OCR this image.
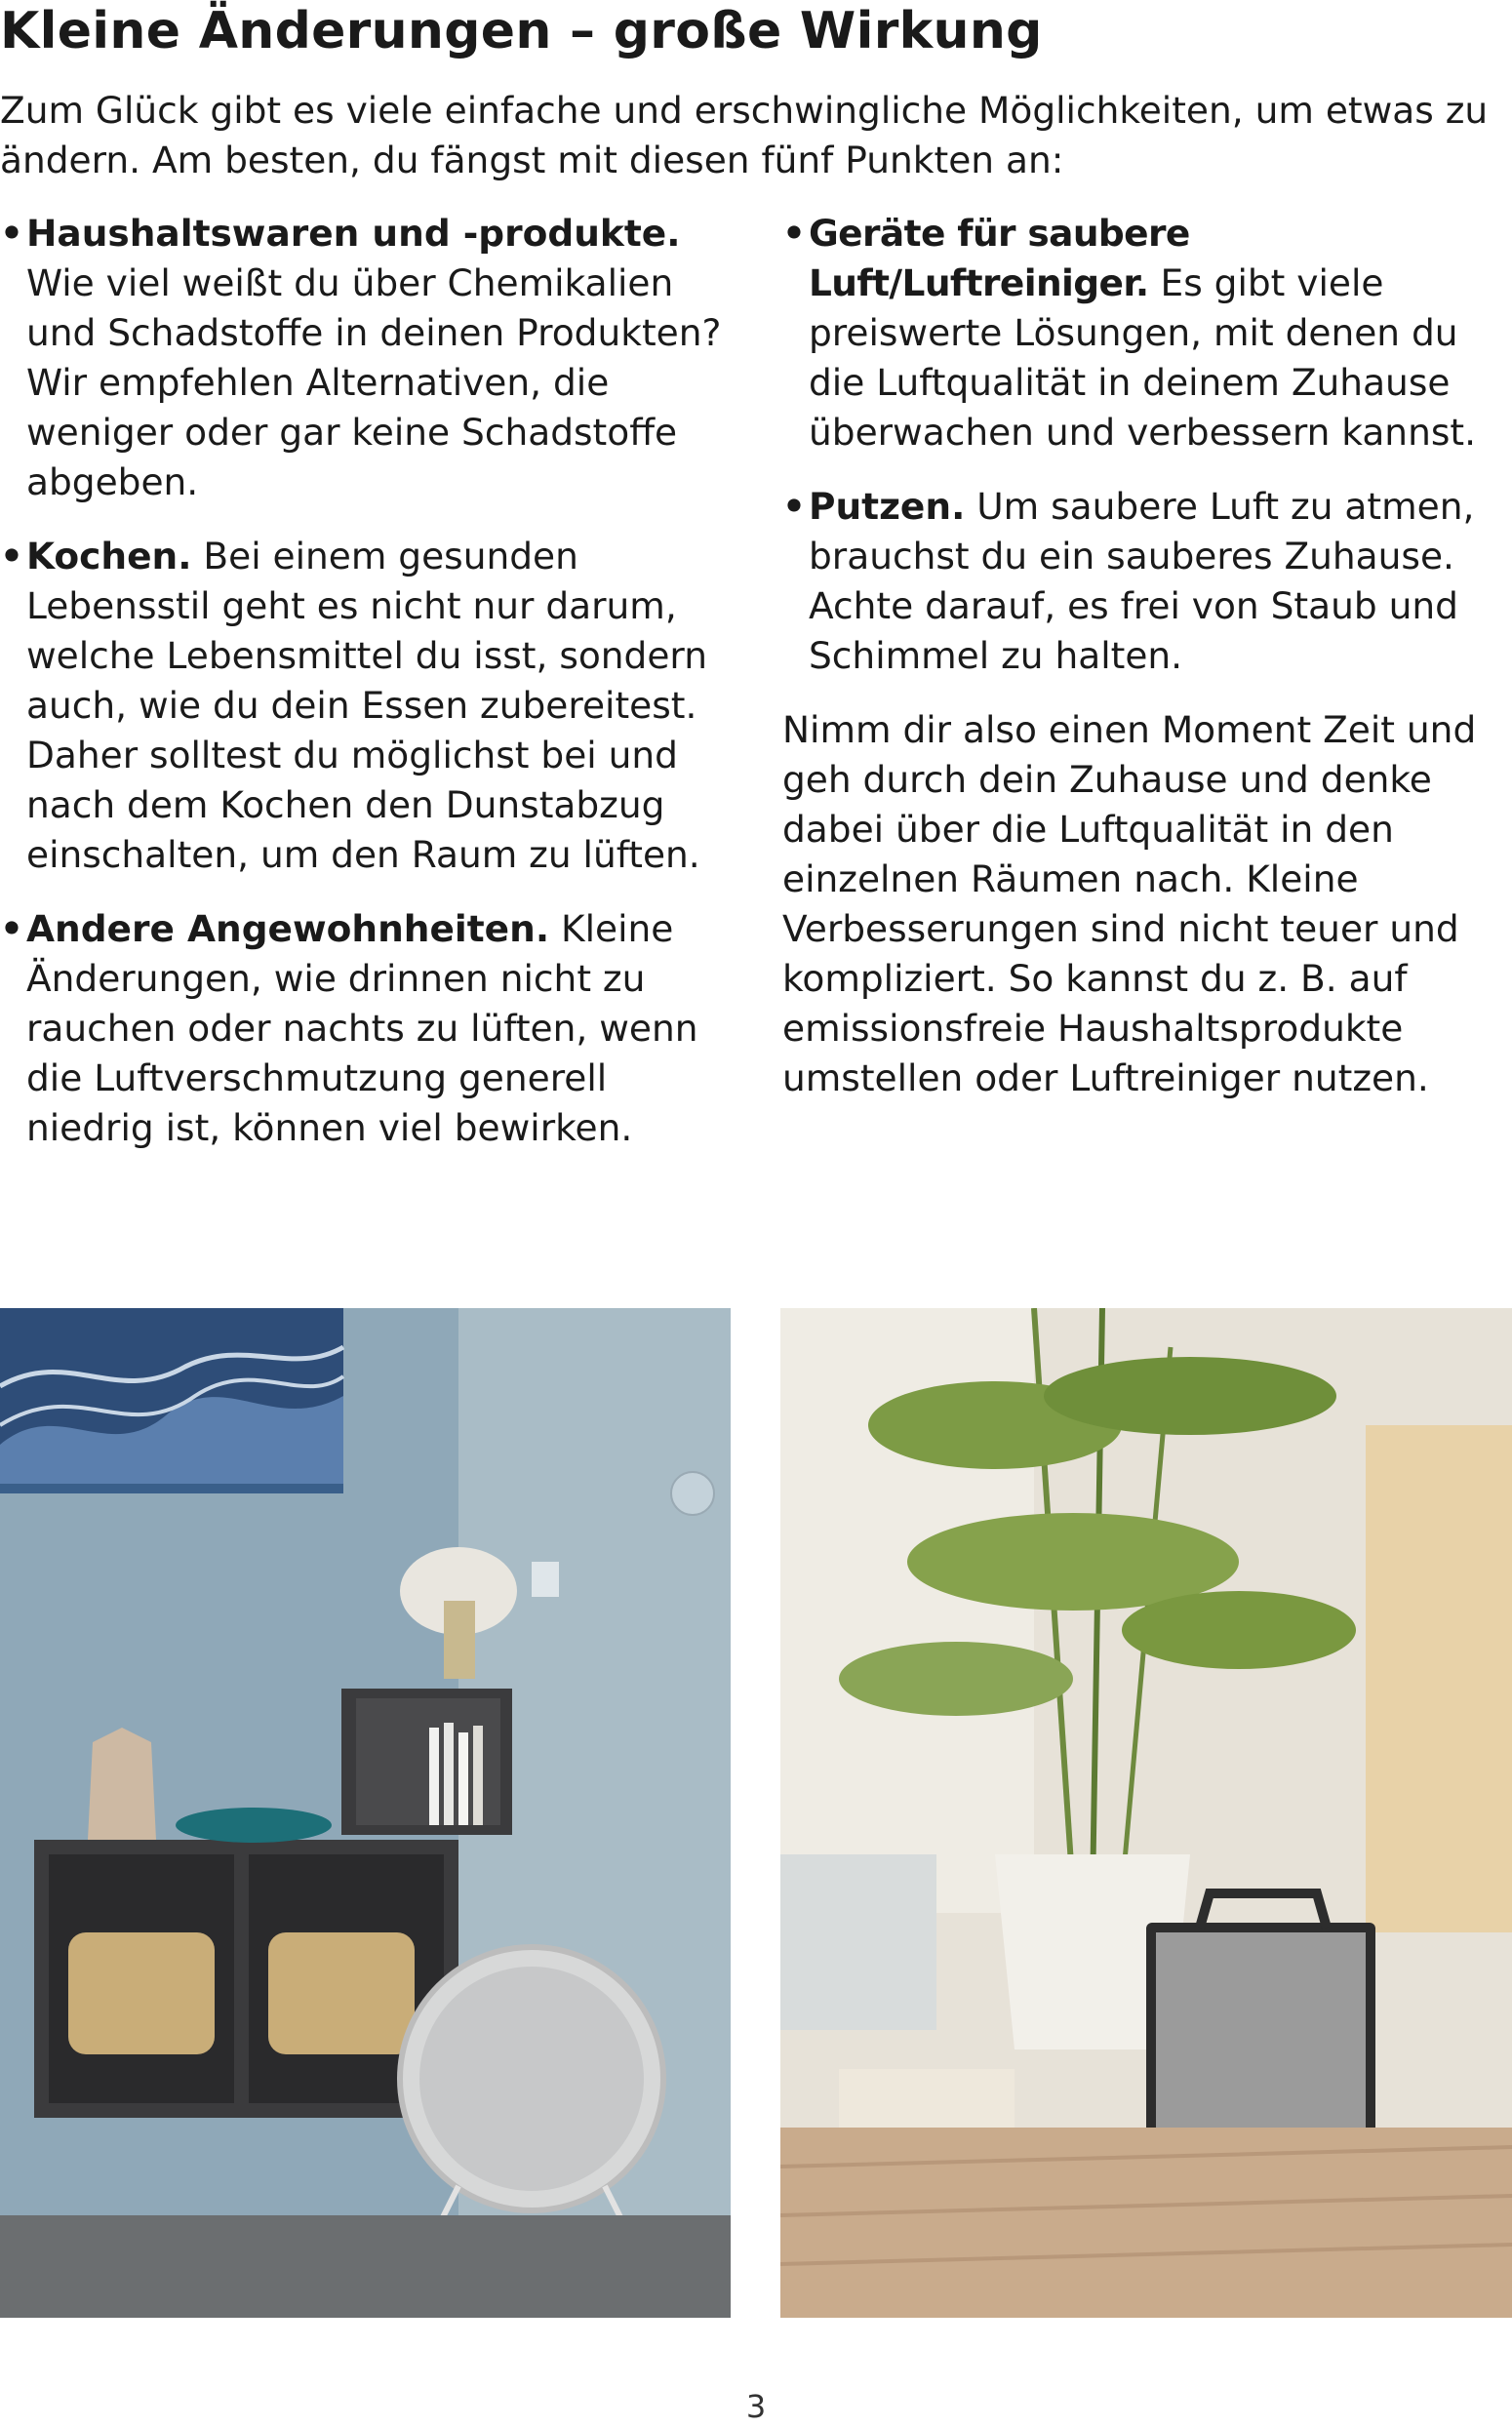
Kleine Änderungen – große Wirkung

Zum Glück gibt es viele einfache und erschwingliche Möglichkeiten, um etwas zu ändern. Am besten, du fängst mit diesen fünf Punkten an:

• Haushaltswaren und -produkte. Wie viel weißt du über Chemikalien und Schadstoffe in deinen Produkten? Wir empfehlen Alternativen, die weniger oder gar keine Schadstoffe abgeben.

• Kochen. Bei einem gesunden Lebensstil geht es nicht nur darum, welche Lebensmittel du isst, sondern auch, wie du dein Essen zubereitest. Daher solltest du möglichst bei und nach dem Kochen den Dunstabzug einschalten, um den Raum zu lüften.

• Andere Angewohnheiten. Kleine Änderungen, wie drinnen nicht zu rauchen oder nachts zu lüften, wenn die Luftverschmutzung generell niedrig ist, können viel bewirken.

• Geräte für saubere Luft/Luftreiniger. Es gibt viele preiswerte Lösungen, mit denen du die Luftqualität in deinem Zuhause überwachen und verbessern kannst.

• Putzen. Um saubere Luft zu atmen, brauchst du ein sauberes Zuhause. Achte darauf, es frei von Staub und Schimmel zu halten.

Nimm dir also einen Moment Zeit und geh durch dein Zuhause und denke dabei über die Luftqualität in den einzelnen Räumen nach. Kleine Verbesserungen sind nicht teuer und kompliziert. So kannst du z. B. auf emissionsfreie Haushaltsprodukte umstellen oder Luftreiniger nutzen.

3
